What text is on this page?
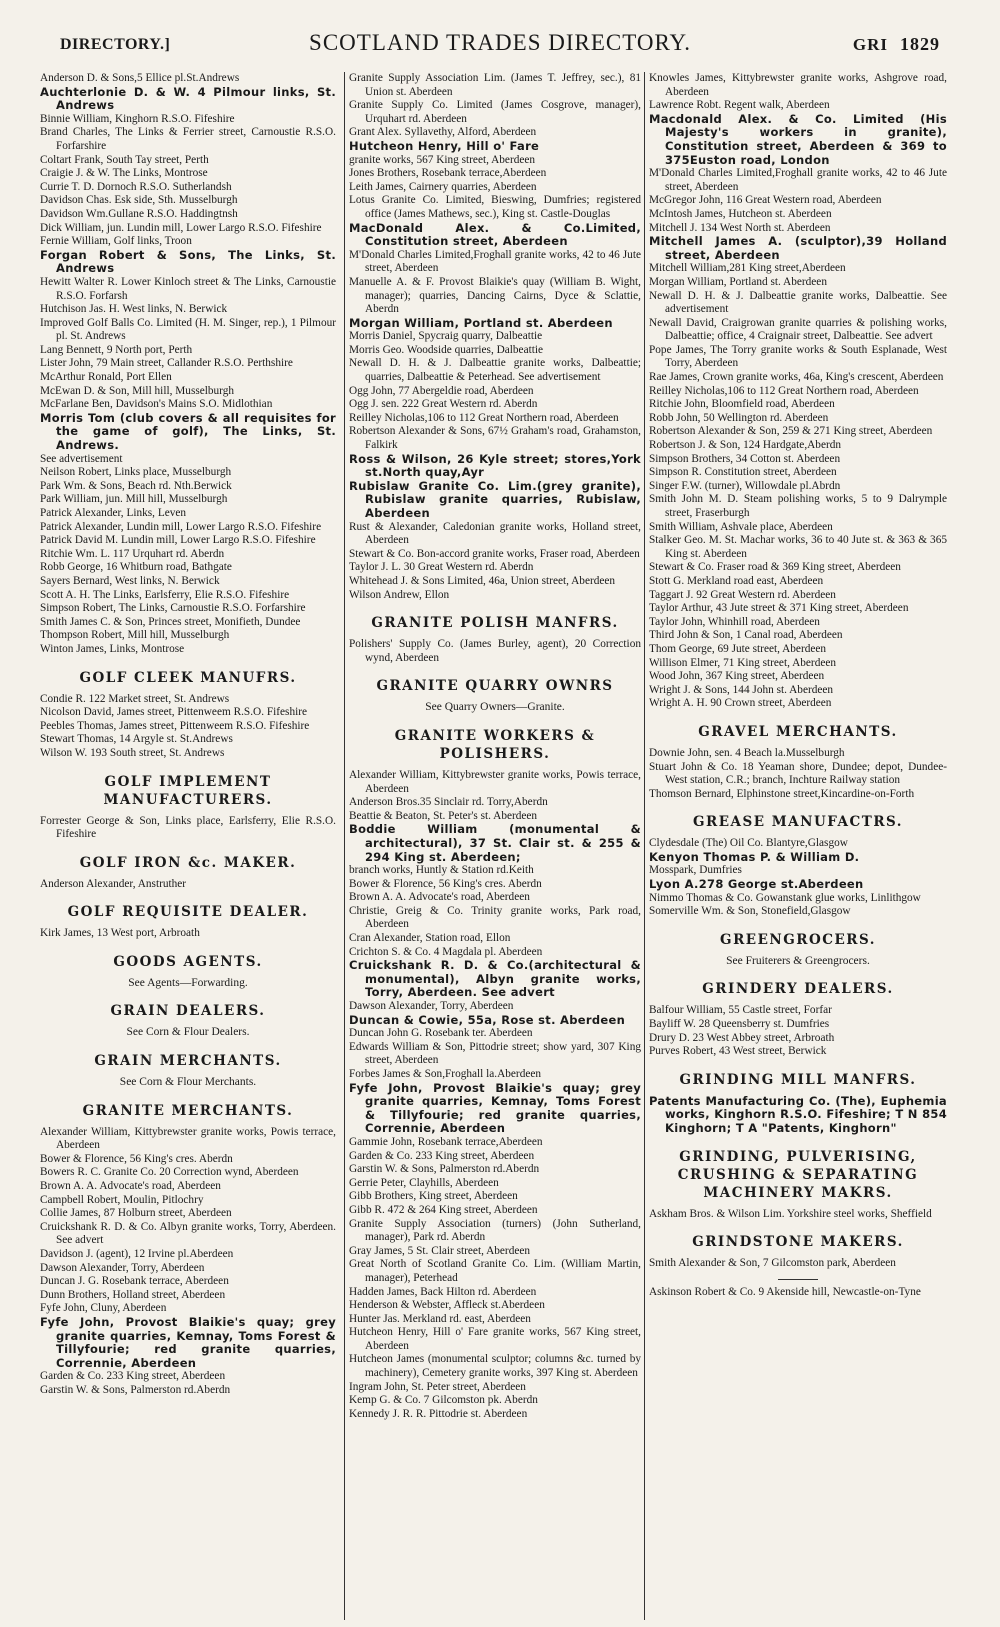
DIRECTORY.]	SCOTLAND TRADES DIRECTORY.	GRI 1829
Anderson D. & Sons,5 Ellice pl.St.Andrews
Auchterlonie D. & W. 4 Pilmour links, St. Andrews
Binnie William, Kinghorn R.S.O. Fifeshire
Brand Charles, The Links & Ferrier street, Carnoustie R.S.O. Forfarshire
Coltart Frank, South Tay street, Perth
Craigie J. & W. The Links, Montrose
Currie T. D. Dornoch R.S.O. Sutherlandsh
Davidson Chas. Esk side, Sth. Musselburgh
Davidson Wm.Gullane R.S.O. Haddingtnsh
Dick William, jun. Lundin mill, Lower Largo R.S.O. Fifeshire
Fernie William, Golf links, Troon
Forgan Robert & Sons, The Links, St. Andrews
Hewitt Walter R. Lower Kinloch street & The Links, Carnoustie R.S.O. Forfarsh
Hutchison Jas. H. West links, N. Berwick
Improved Golf Balls Co. Limited (H. M. Singer, rep.), 1 Pilmour pl. St. Andrews
Lang Bennett, 9 North port, Perth
Lister John, 79 Main street, Callander R.S.O. Perthshire
McArthur Ronald, Port Ellen
McEwan D. & Son, Mill hill, Musselburgh
McFarlane Ben, Davidson's Mains S.O. Midlothian
Morris Tom (club covers & all requisites for the game of golf), The Links, St. Andrews.
See advertisement
Neilson Robert, Links place, Musselburgh
Park Wm. & Sons, Beach rd. Nth.Berwick
Park William, jun. Mill hill, Musselburgh
Patrick Alexander, Links, Leven
Patrick Alexander, Lundin mill, Lower Largo R.S.O. Fifeshire
Patrick David M. Lundin mill, Lower Largo R.S.O. Fifeshire
Ritchie Wm. L. 117 Urquhart rd. Aberdn
Robb George, 16 Whitburn road, Bathgate
Sayers Bernard, West links, N. Berwick
Scott A. H. The Links, Earlsferry, Elie R.S.O. Fifeshire
Simpson Robert, The Links, Carnoustie R.S.O. Forfarshire
Smith James C. & Son, Princes street, Monifieth, Dundee
Thompson Robert, Mill hill, Musselburgh
Winton James, Links, Montrose
GOLF CLEEK MANUFRS.
Condie R. 122 Market street, St. Andrews
Nicolson David, James street, Pittenweem R.S.O. Fifeshire
Peebles Thomas, James street, Pittenweem R.S.O. Fifeshire
Stewart Thomas, 14 Argyle st. St.Andrews
Wilson W. 193 South street, St. Andrews
GOLF IMPLEMENT MANUFACTURERS.
Forrester George & Son, Links place, Earlsferry, Elie R.S.O. Fifeshire
GOLF IRON &c. MAKER.
Anderson Alexander, Anstruther
GOLF REQUISITE DEALER.
Kirk James, 13 West port, Arbroath
GOODS AGENTS.
See Agents—Forwarding.
GRAIN DEALERS.
See Corn & Flour Dealers.
GRAIN MERCHANTS.
See Corn & Flour Merchants.
GRANITE MERCHANTS.
Alexander William, Kittybrewster granite works, Powis terrace, Aberdeen
Bower & Florence, 56 King's cres. Aberdn
Bowers R. C. Granite Co. 20 Correction wynd, Aberdeen
Brown A. A. Advocate's road, Aberdeen
Campbell Robert, Moulin, Pitlochry
Collie James, 87 Holburn street, Aberdeen
Cruickshank R. D. & Co. Albyn granite works, Torry, Aberdeen. See advert
Davidson J. (agent), 12 Irvine pl.Aberdeen
Dawson Alexander, Torry, Aberdeen
Duncan J. G. Rosebank terrace, Aberdeen
Dunn Brothers, Holland street, Aberdeen
Fyfe John, Cluny, Aberdeen
Fyfe John, Provost Blaikie's quay; grey granite quarries, Kemnay, Toms Forest & Tillyfourie; red granite quarries, Corrennie, Aberdeen
Garden & Co. 233 King street, Aberdeen
Garstin W. & Sons, Palmerston rd.Aberdn
Granite Supply Association Lim. (James T. Jeffrey, sec.), 81 Union st. Aberdeen
Granite Supply Co. Limited (James Cosgrove, manager), Urquhart rd. Aberdeen
Grant Alex. Syllavethy, Alford, Aberdeen
Hutcheon Henry, Hill o' Fare
granite works, 567 King street, Aberdeen
Jones Brothers, Rosebank terrace,Aberdeen
Leith James, Cairnery quarries, Aberdeen
Lotus Granite Co. Limited, Bieswing, Dumfries; registered office (James Mathews, sec.), King st. Castle-Douglas
MacDonald Alex. & Co.Limited, Constitution street, Aberdeen
M'Donald Charles Limited,Froghall granite works, 42 to 46 Jute street, Aberdeen
Manuelle A. & F. Provost Blaikie's quay (William B. Wight, manager); quarries, Dancing Cairns, Dyce & Sclattie, Aberdn
Morgan William, Portland st. Aberdeen
Morris Daniel, Spycraig quarry, Dalbeattie
Morris Geo. Woodside quarries, Dalbeattie
Newall D. H. & J. Dalbeattie granite works, Dalbeattie; quarries, Dalbeattie & Peterhead. See advertisement
Ogg John, 77 Abergeldie road, Aberdeen
Ogg J. sen. 222 Great Western rd. Aberdn
Reilley Nicholas,106 to 112 Great Northern road, Aberdeen
Robertson Alexander & Sons, 67½ Graham's road, Grahamston, Falkirk
Ross & Wilson, 26 Kyle street; stores,York st.North quay,Ayr
Rubislaw Granite Co. Lim.(grey granite), Rubislaw granite quarries, Rubislaw, Aberdeen
Rust & Alexander, Caledonian granite works, Holland street, Aberdeen
Stewart & Co. Bon-accord granite works, Fraser road, Aberdeen
Taylor J. L. 30 Great Western rd. Aberdn
Whitehead J. & Sons Limited, 46a, Union street, Aberdeen
Wilson Andrew, Ellon
GRANITE POLISH MANFRS.
Polishers' Supply Co. (James Burley, agent), 20 Correction wynd, Aberdeen
GRANITE QUARRY OWNRS
See Quarry Owners—Granite.
GRANITE WORKERS & POLISHERS.
Alexander William, Kittybrewster granite works, Powis terrace, Aberdeen
Anderson Bros.35 Sinclair rd. Torry,Aberdn
Beattie & Beaton, St. Peter's st. Aberdeen
Boddie William (monumental & architectural), 37 St. Clair st. & 255 & 294 King st. Aberdeen;
branch works, Huntly & Station rd.Keith
Bower & Florence, 56 King's cres. Aberdn
Brown A. A. Advocate's road, Aberdeen
Christie, Greig & Co. Trinity granite works, Park road, Aberdeen
Cran Alexander, Station road, Ellon
Crichton S. & Co. 4 Magdala pl. Aberdeen
Cruickshank R. D. & Co.(architectural & monumental), Albyn granite works, Torry, Aberdeen. See advert
Dawson Alexander, Torry, Aberdeen
Duncan & Cowie, 55a, Rose st. Aberdeen
Duncan John G. Rosebank ter. Aberdeen
Edwards William & Son, Pittodrie street; show yard, 307 King street, Aberdeen
Forbes James & Son,Froghall la.Aberdeen
Fyfe John, Provost Blaikie's quay; grey granite quarries, Kemnay, Toms Forest & Tillyfourie; red granite quarries, Corrennie, Aberdeen
Gammie John, Rosebank terrace,Aberdeen
Garden & Co. 233 King street, Aberdeen
Garstin W. & Sons, Palmerston rd.Aberdn
Gerrie Peter, Clayhills, Aberdeen
Gibb Brothers, King street, Aberdeen
Gibb R. 472 & 264 King street, Aberdeen
Granite Supply Association (turners) (John Sutherland, manager), Park rd. Aberdn
Gray James, 5 St. Clair street, Aberdeen
Great North of Scotland Granite Co. Lim. (William Martin, manager), Peterhead
Hadden James, Back Hilton rd. Aberdeen
Henderson & Webster, Affleck st.Aberdeen
Hunter Jas. Merkland rd. east, Aberdeen
Hutcheon Henry, Hill o' Fare granite works, 567 King street, Aberdeen
Hutcheon James (monumental sculptor; columns &c. turned by machinery), Cemetery granite works, 397 King st. Aberdeen
Ingram John, St. Peter street, Aberdeen
Kemp G. & Co. 7 Gilcomston pk. Aberdn
Kennedy J. R. R. Pittodrie st. Aberdeen
Knowles James, Kittybrewster granite works, Ashgrove road, Aberdeen
Lawrence Robt. Regent walk, Aberdeen
Macdonald Alex. & Co. Limited (His Majesty's workers in granite), Constitution street, Aberdeen & 369 to 375Euston road, London
M'Donald Charles Limited,Froghall granite works, 42 to 46 Jute street, Aberdeen
McGregor John, 116 Great Western road, Aberdeen
McIntosh James, Hutcheon st. Aberdeen
Mitchell J. 134 West North st. Aberdeen
Mitchell James A. (sculptor),39 Holland street, Aberdeen
Mitchell William,281 King street,Aberdeen
Morgan William, Portland st. Aberdeen
Newall D. H. & J. Dalbeattie granite works, Dalbeattie. See advertisement
Newall David, Craigrowan granite quarries & polishing works, Dalbeattie; office, 4 Craignair street, Dalbeattie. See advert
Pope James, The Torry granite works & South Esplanade, West Torry, Aberdeen
Rae James, Crown granite works, 46a, King's crescent, Aberdeen
Reilley Nicholas,106 to 112 Great Northern road, Aberdeen
Ritchie John, Bloomfield road, Aberdeen
Robb John, 50 Wellington rd. Aberdeen
Robertson Alexander & Son, 259 & 271 King street, Aberdeen
Robertson J. & Son, 124 Hardgate,Aberdn
Simpson Brothers, 34 Cotton st. Aberdeen
Simpson R. Constitution street, Aberdeen
Singer F.W. (turner), Willowdale pl.Abrdn
Smith John M. D. Steam polishing works, 5 to 9 Dalrymple street, Fraserburgh
Smith William, Ashvale place, Aberdeen
Stalker Geo. M. St. Machar works, 36 to 40 Jute st. & 363 & 365 King st. Aberdeen
Stewart & Co. Fraser road & 369 King street, Aberdeen
Stott G. Merkland road east, Aberdeen
Taggart J. 92 Great Western rd. Aberdeen
Taylor Arthur, 43 Jute street & 371 King street, Aberdeen
Taylor John, Whinhill road, Aberdeen
Third John & Son, 1 Canal road, Aberdeen
Thom George, 69 Jute street, Aberdeen
Willison Elmer, 71 King street, Aberdeen
Wood John, 367 King street, Aberdeen
Wright J. & Sons, 144 John st. Aberdeen
Wright A. H. 90 Crown street, Aberdeen
GRAVEL MERCHANTS.
Downie John, sen. 4 Beach la.Musselburgh
Stuart John & Co. 18 Yeaman shore, Dundee; depot, Dundee-West station, C.R.; branch, Inchture Railway station
Thomson Bernard, Elphinstone street,Kincardine-on-Forth
GREASE MANUFACTRS.
Clydesdale (The) Oil Co. Blantyre,Glasgow
Kenyon Thomas P. & William D.
Mosspark, Dumfries
Lyon A.278 George st.Aberdeen
Nimmo Thomas & Co. Gowanstank glue works, Linlithgow
Somerville Wm. & Son, Stonefield,Glasgow
GREENGROCERS.
See Fruiterers & Greengrocers.
GRINDERY DEALERS.
Balfour William, 55 Castle street, Forfar
Bayliff W. 28 Queensberry st. Dumfries
Drury D. 23 West Abbey street, Arbroath
Purves Robert, 43 West street, Berwick
GRINDING MILL MANFRS.
Patents Manufacturing Co. (The), Euphemia works, Kinghorn R.S.O. Fifeshire; T N 854 Kinghorn; T A "Patents, Kinghorn"
GRINDING, PULVERISING, CRUSHING & SEPARATING MACHINERY MAKRS.
Askham Bros. & Wilson Lim. Yorkshire steel works, Sheffield
GRINDSTONE MAKERS.
Smith Alexander & Son, 7 Gilcomston park, Aberdeen
Askinson Robert & Co. 9 Akenside hill, Newcastle-on-Tyne
